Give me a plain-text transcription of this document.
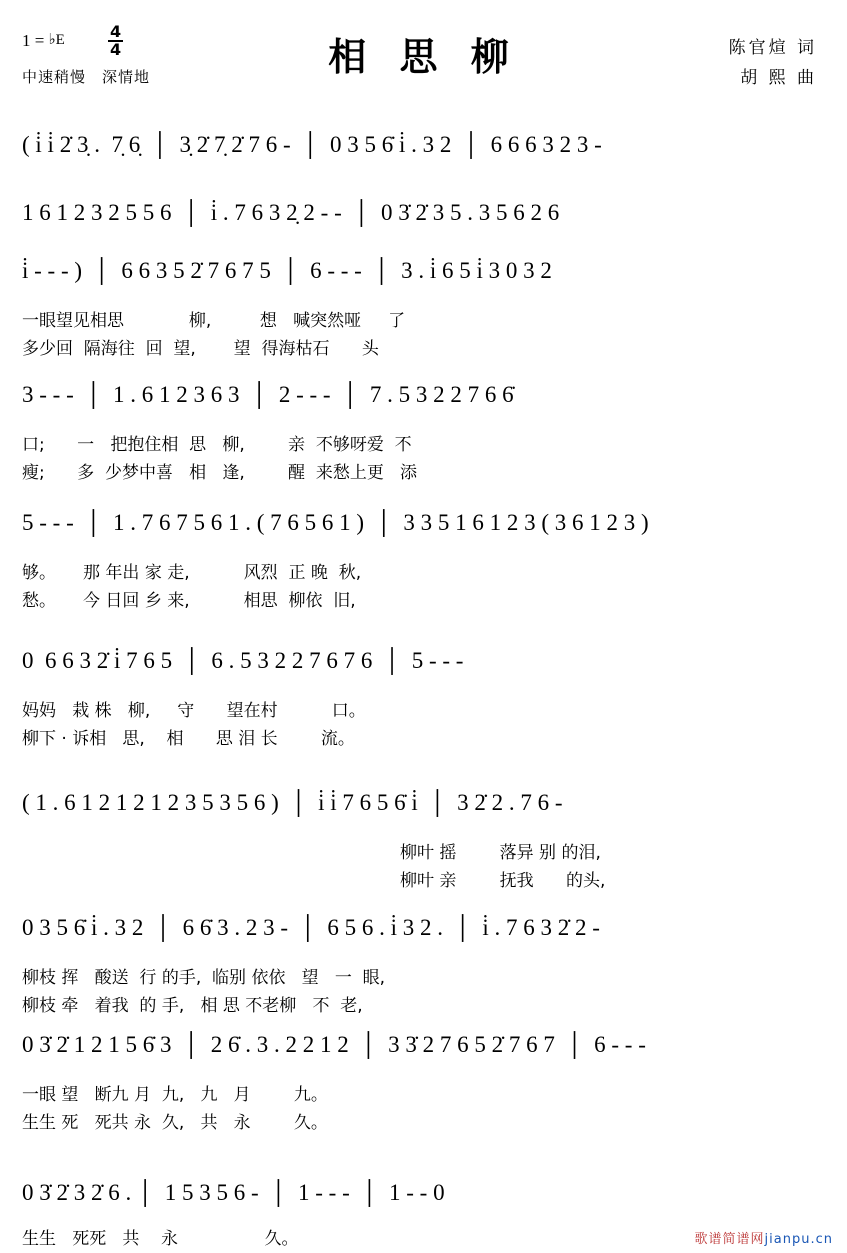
1 = ♭E	$\frac{4}{4}$	相 思 柳
中速稍慢 深情地
陈官煊 词
胡 熙 曲
( i̇ i̇ 2̇ 3̣ .  7̣ 6̣  │  3̣ 2̇ 7̣ 2̇ 7 6 -  │  0 3 5 6̇ i̇ . 3 2  │  6 6 6 3 2 3 -
1 6 1 2 3 2 5 5 6  │  i̇ . 7 6 3 2̣ 2 - -  │  0 3̇ 2̇ 3 5 . 3 5 6 2 6
i̇ - - - )  │  6 6 3 5 2̇ 7 6 7 5  │  6 - - -  │  3 . i̇ 6 5 i̇ 3 0 3 2
一眼望见相思            柳,         想   喊突然哑     了
多少回  隔海往  回  望,       望  得海枯石      头
3 - - -  │  1 . 6 1 2 3 6 3  │  2 - - -  │  7 . 5 3 2 2 7 6 6̇
口;      一   把抱住相  思   柳,        亲  不够呀爱  不
瘦;      多  少梦中喜   相   逢,        醒  来愁上更   添
5 - - -  │  1 . 7 6 7 5 6 1 . ( 7 6 5 6 1 )  │  3 3 5 1 6 1 2 3 ( 3 6 1 2 3 )
够。     那 年出 家 走,          风烈  正 晚  秋,
愁。     今 日回 乡 来,          相思  柳依  旧,
0  6 6 3 2̇ i̇ 7 6 5  │  6 . 5 3 2 2 7 6 7 6  │  5 - - -
妈妈   栽 株   柳,     守      望在村          口。
柳下 · 诉相   思,    相      思 泪 长        流。
( 1 . 6 1 2 1 2 1 2 3 5 3 5 6 )  │  i̇ i̇ 7 6 5 6̇ i̇  │  3 2̇ 2 . 7 6 -
柳叶 摇        落异 别 的泪,
柳叶 亲        抚我      的头,
0 3 5 6̇ i̇ . 3 2  │  6 6̇ 3 . 2 3 -  │  6 5 6 . i̇ 3 2 .  │  i̇ . 7 6 3 2̇ 2 -
柳枝 挥   酸送  行 的手,  临别 依依   望   一  眼,
柳枝 牵   着我  的 手,   相 思 不老柳   不  老,
0 3̇ 2̇ 1 2 1 5 6̇ 3  │  2 6̇ . 3 . 2 2 1 2  │  3 3̇ 2 7 6 5 2̇ 7 6 7  │  6 - - -
一眼 望   断九 月  九,   九   月        九。
生生 死   死共 永  久,   共   永        久。
0 3̇ 2̇ 3 2̇ 6 . │  1 5 3 5 6 -  │  1 - - -  │  1 - - 0
生生   死死   共    永                久。	歌谱简谱网jianpu.cn
